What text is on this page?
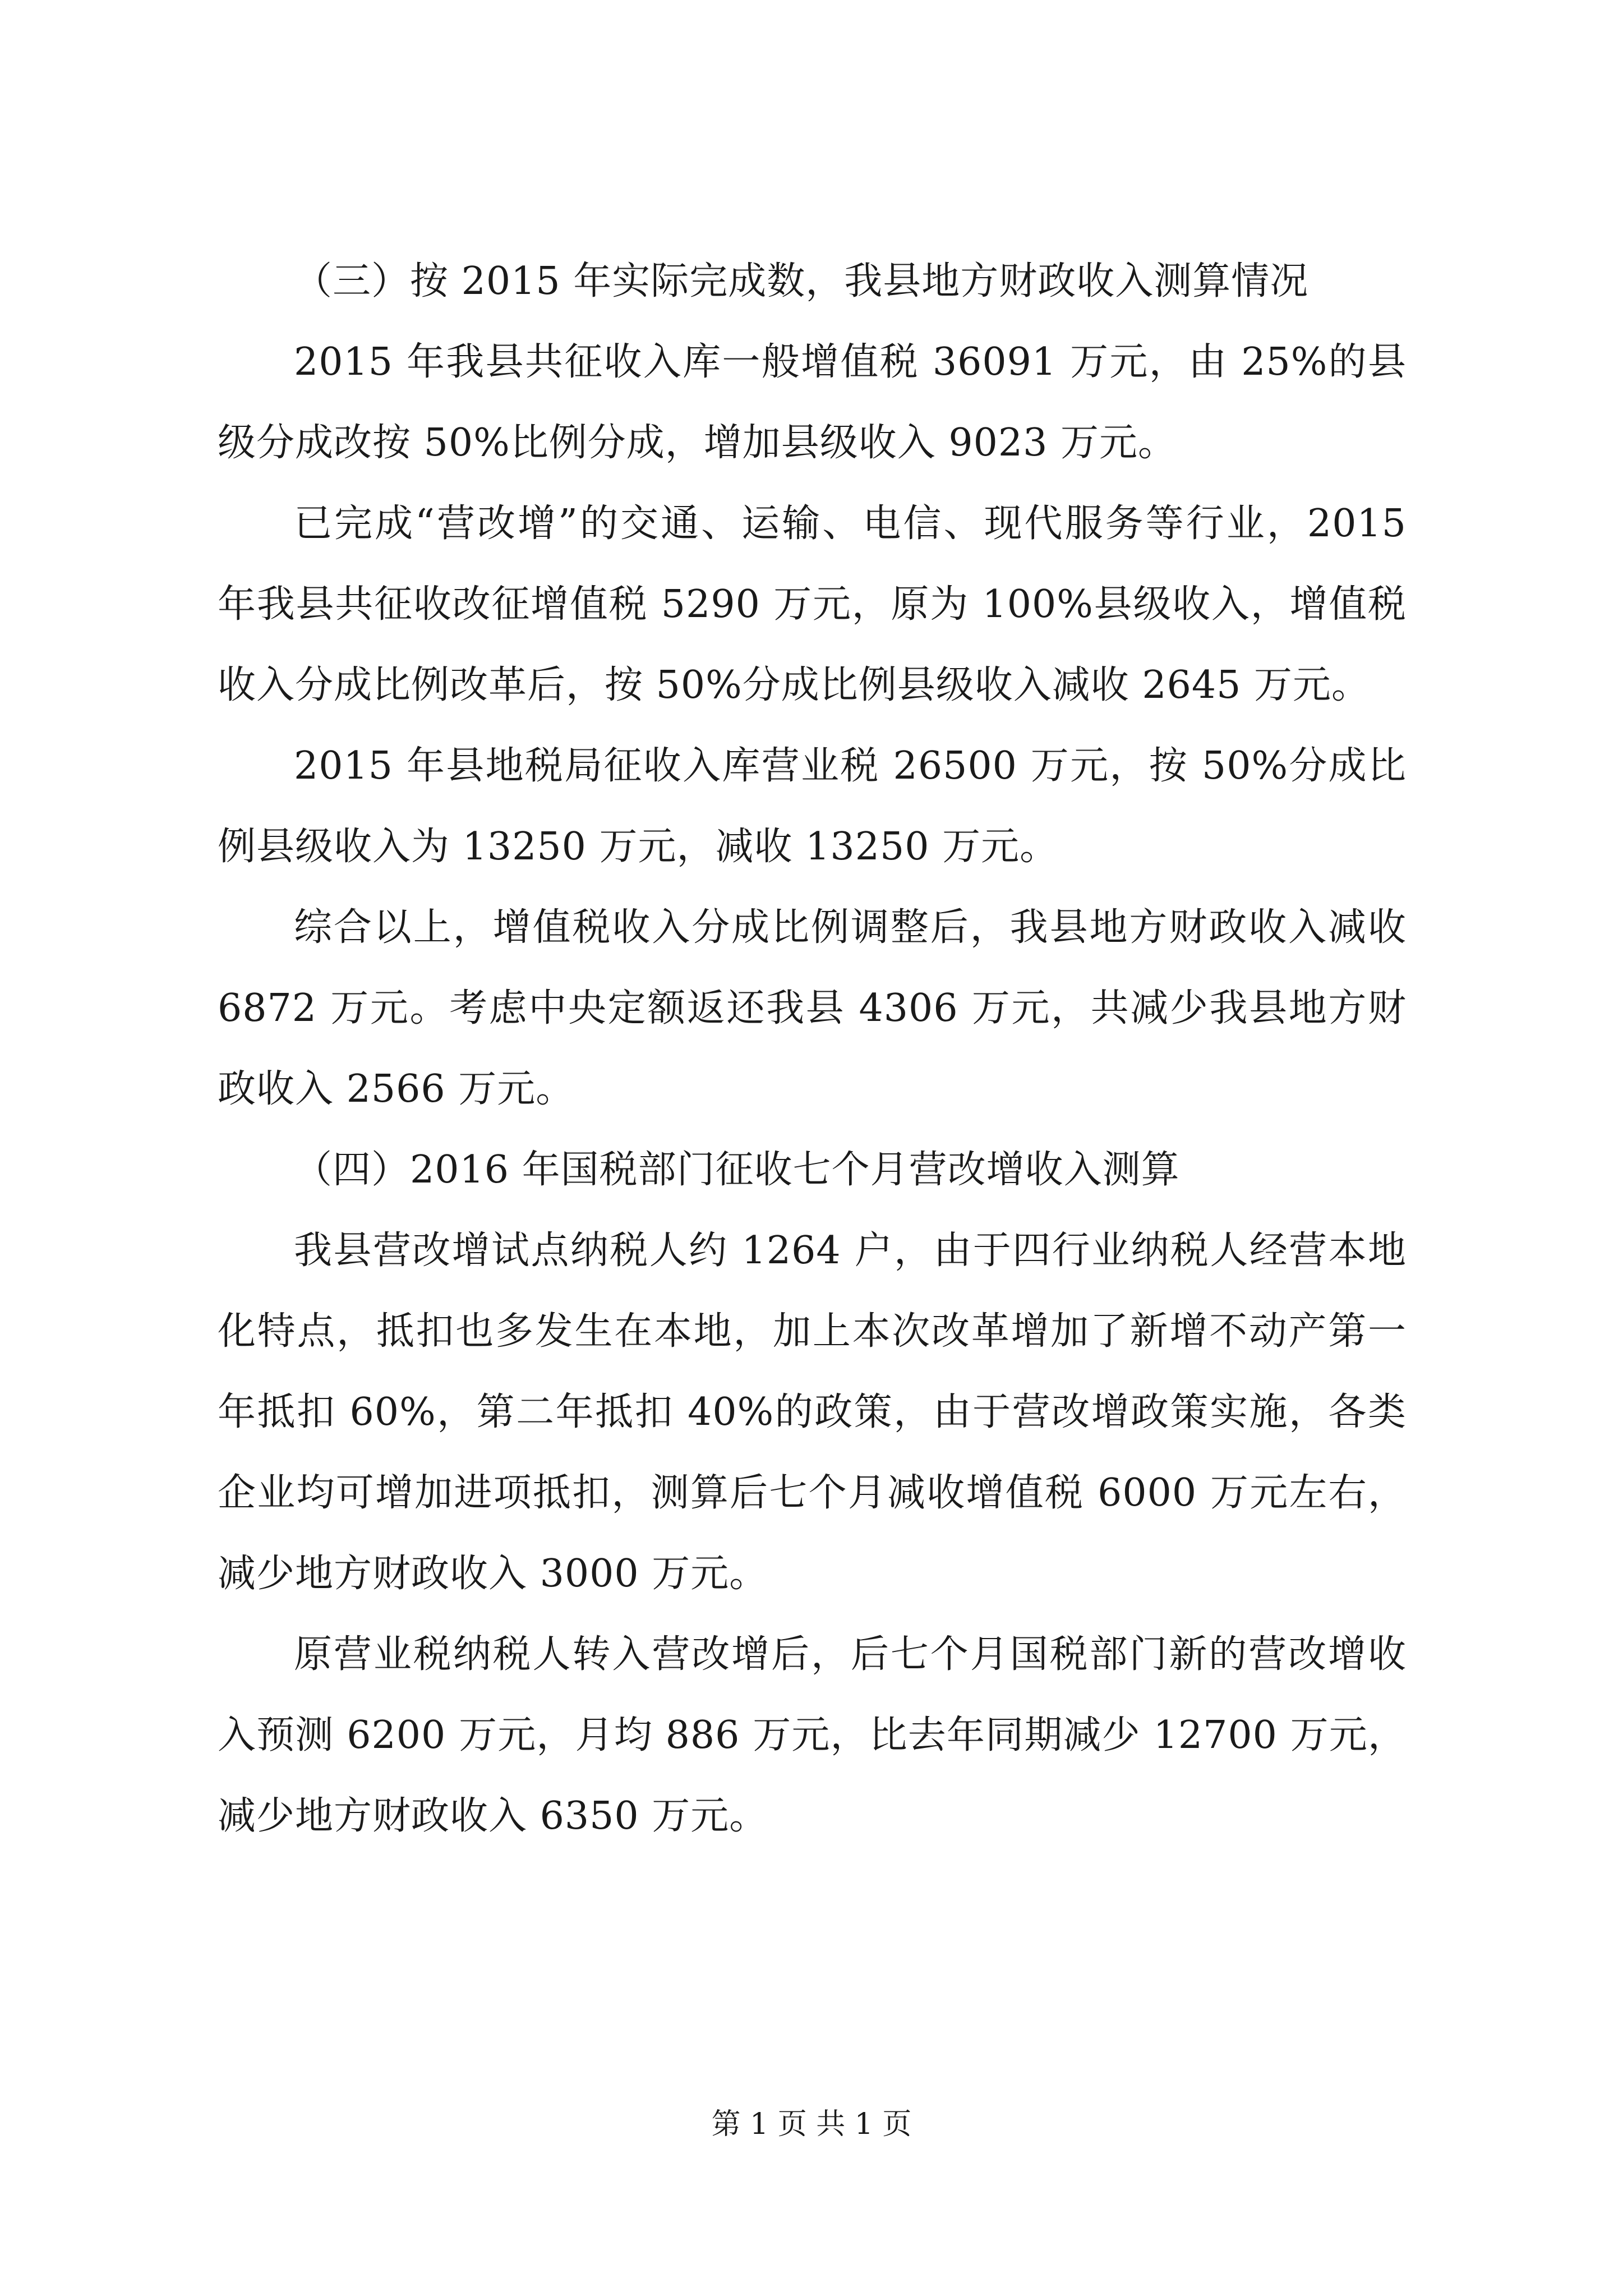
（三）按 2015 年实际完成数，我县地方财政收入测算情况

2015 年我县共征收入库一般增值税 36091 万元，由 25%的县级分成改按 50%比例分成，增加县级收入 9023 万元。

已完成“营改增”的交通、运输、电信、现代服务等行业，2015 年我县共征收改征增值税 5290 万元，原为 100%县级收入，增值税收入分成比例改革后，按 50%分成比例县级收入减收 2645 万元。

2015 年县地税局征收入库营业税 26500 万元，按 50%分成比例县级收入为 13250 万元，减收 13250 万元。

综合以上，增值税收入分成比例调整后，我县地方财政收入减收 6872 万元。考虑中央定额返还我县 4306 万元，共减少我县地方财政收入 2566 万元。

（四）2016 年国税部门征收七个月营改增收入测算

我县营改增试点纳税人约 1264 户，由于四行业纳税人经营本地化特点，抵扣也多发生在本地，加上本次改革增加了新增不动产第一年抵扣 60%，第二年抵扣 40%的政策，由于营改增政策实施，各类企业均可增加进项抵扣，测算后七个月减收增值税 6000 万元左右，减少地方财政收入 3000 万元。

原营业税纳税人转入营改增后，后七个月国税部门新的营改增收入预测 6200 万元，月均 886 万元，比去年同期减少 12700 万元，减少地方财政收入 6350 万元。

第 1 页 共 1 页
